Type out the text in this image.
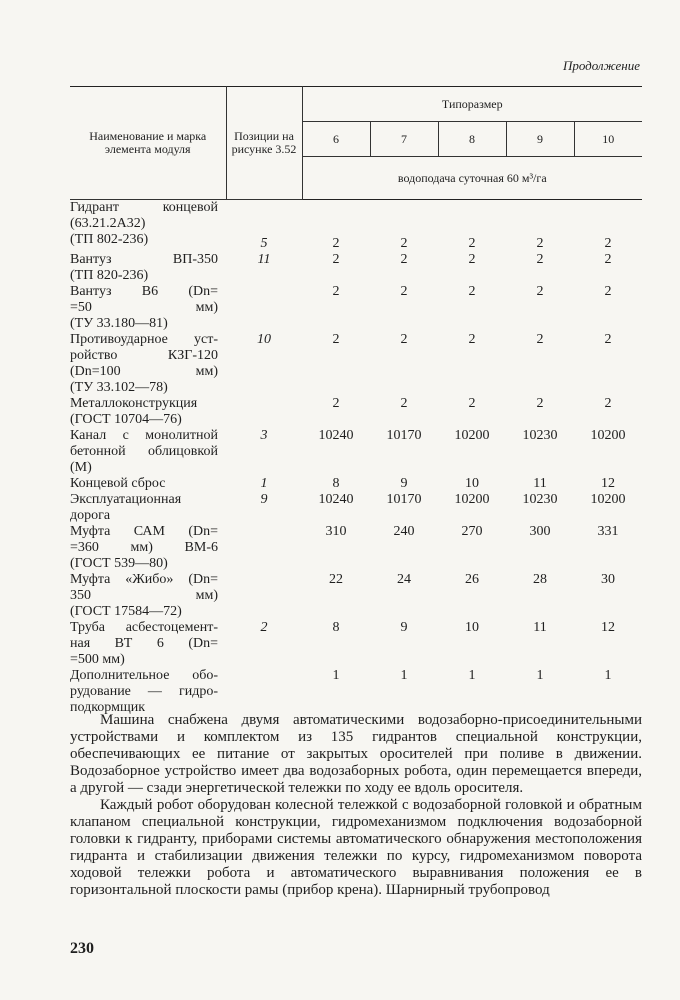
Продолжение
Наименование и марка элемента модуля	Позиции на рисунке 3.52	Типоразмер				
		6	7	8	9	10
		водоподача суточная 60 м³/га				

Гидрант концевой
(63.21.2А32)
(ТП 802-236)	5	2	2	2	2	2

Вантуз ВП-350
(ТП 820-236)	11	2	2	2	2	2

Вантуз В6 (Dn=
=50 мм)
(ТУ 33.180—81)		2	2	2	2	2

Противоударное уст-
ройство КЗГ-120
(Dn=100 мм)
(ТУ 33.102—78)	10	2	2	2	2	2

Металлоконструкция
(ГОСТ 10704—76)		2	2	2	2	2

Канал с монолитной
бетонной облицовкой
(М)	3	10240	10170	10200	10230	10200

Концевой сброс	1	8	9	10	11	12

Эксплуатационная
дорога	9	10240	10170	10200	10230	10200

Муфта САМ (Dn=
=360 мм) ВМ-6
(ГОСТ 539—80)		310	240	270	300	331

Муфта «Жибо» (Dn=
350 мм)
(ГОСТ 17584—72)		22	24	26	28	30

Труба асбестоцемент-
ная ВТ 6 (Dn=
=500 мм)	2	8	9	10	11	12

Дополнительное обо-
рудование — гидро-
подкормщик		1	1	1	1	1

Машина снабжена двумя автоматическими водозаборно-присоединительными устройствами и комплектом из 135 гидрантов специальной конструкции, обеспечивающих ее питание от закрытых оросителей при поливе в движении. Водозаборное устройство имеет два водозаборных робота, один перемещается впереди, а другой — сзади энергетической тележки по ходу ее вдоль оросителя.

Каждый робот оборудован колесной тележкой с водозаборной головкой и обратным клапаном специальной конструкции, гидромеханизмом подключения водозаборной головки к гидранту, приборами системы автоматического обнаружения местоположения гидранта и стабилизации движения тележки по курсу, гидромеханизмом поворота ходовой тележки робота и автоматического выравнивания положения ее в горизонтальной плоскости рамы (прибор крена). Шарнирный трубопровод

230
